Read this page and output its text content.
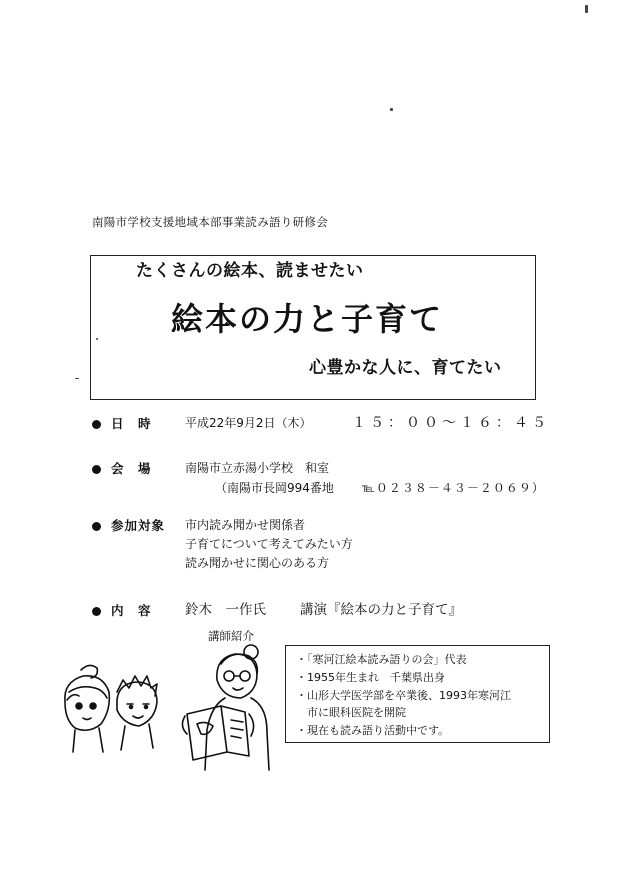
南陽市学校支援地域本部事業読み語り研修会
たくさんの絵本、読ませたい
絵本の力と子育て
心豊かな人に、育てたい
日　時	平成22年9月2日（木）	１５：００〜１６：４５
会　場	南陽市立赤湯小学校　和室
（南陽市長岡994番地 ℡０２３８－４３－２０６９）
参加対象 市内読み聞かせ関係者
子育てについて考えてみたい方
読み聞かせに関心のある方
内　容 鈴木　一作氏	講演『絵本の力と子育て』
講師紹介
・「寒河江絵本読み語りの会」代表
・1955年生まれ　千葉県出身
・山形大学医学部を卒業後、1993年寒河江
　市に眼科医院を開院
・現在も読み語り活動中です。
